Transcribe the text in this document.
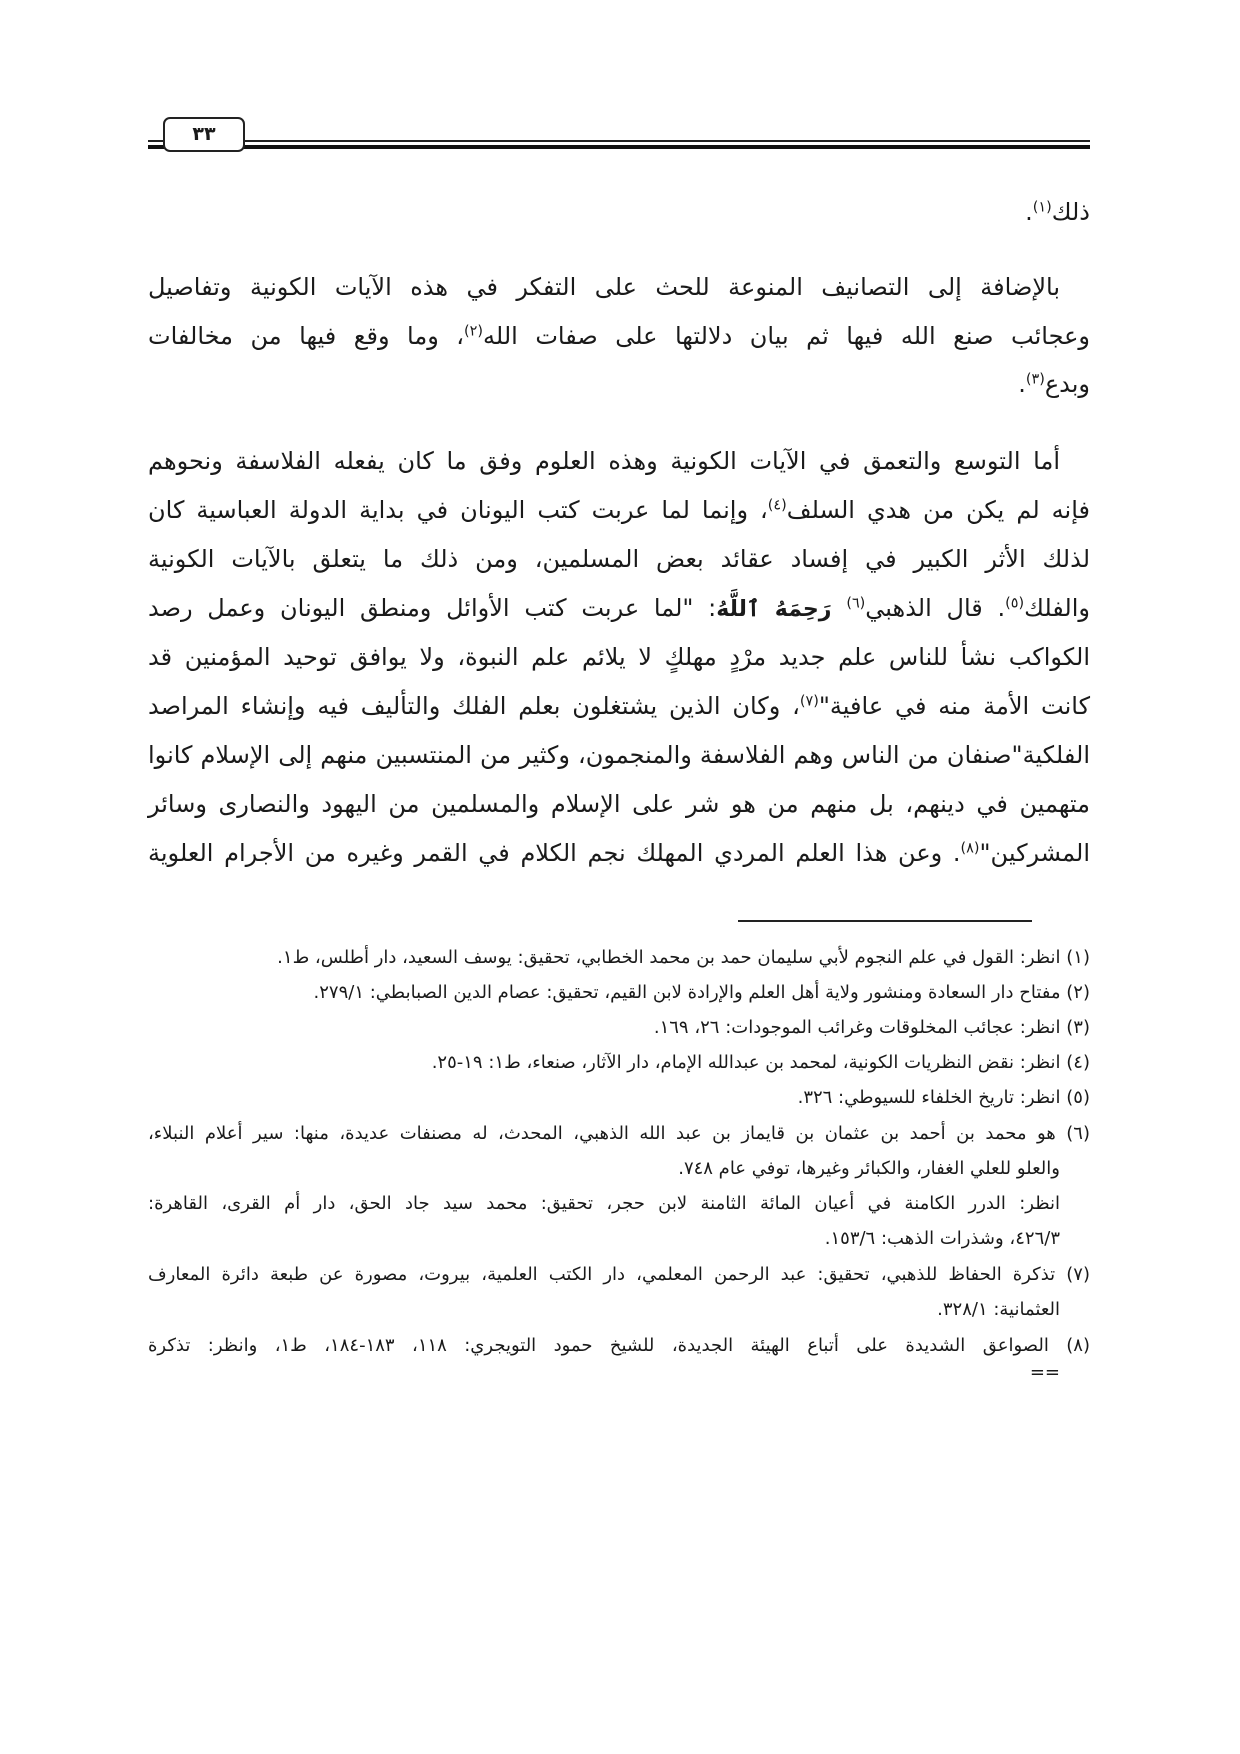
٣٣
ذلك$^{(١)}$.
بالإضافة إلى التصانيف المنوعة للحث على التفكر في هذه الآيات الكونية وتفاصيل
وعجائب صنع الله فيها ثم بيان دلالتها على صفات الله$^{(٢)}$، وما وقع فيها من مخالفات
وبدع$^{(٣)}$.
أما التوسع والتعمق في الآيات الكونية وهذه العلوم وفق ما كان يفعله الفلاسفة ونحوهم
فإنه لم يكن من هدي السلف$^{(٤)}$، وإنما لما عربت كتب اليونان في بداية الدولة العباسية كان
لذلك الأثر الكبير في إفساد عقائد بعض المسلمين، ومن ذلك ما يتعلق بالآيات الكونية
والفلك$^{(٥)}$. قال الذهبي$^{(٦)}$ رَحِمَهُ ٱللَّهُ: "لما عربت كتب الأوائل ومنطق اليونان وعمل رصد
الكواكب نشأ للناس علم جديد مرْدٍ مهلكٍ لا يلائم علم النبوة، ولا يوافق توحيد المؤمنين قد
كانت الأمة منه في عافية"$^{(٧)}$، وكان الذين يشتغلون بعلم الفلك والتأليف فيه وإنشاء المراصد
الفلكية"صنفان من الناس وهم الفلاسفة والمنجمون، وكثير من المنتسبين منهم إلى الإسلام كانوا
متهمين في دينهم، بل منهم من هو شر على الإسلام والمسلمين من اليهود والنصارى وسائر
المشركين"$^{(٨)}$. وعن هذا العلم المردي المهلك نجم الكلام في القمر وغيره من الأجرام العلوية
(١) انظر: القول في علم النجوم لأبي سليمان حمد بن محمد الخطابي، تحقيق: يوسف السعيد، دار أطلس، ط١.
(٢) مفتاح دار السعادة ومنشور ولاية أهل العلم والإرادة لابن القيم، تحقيق: عصام الدين الصبابطي: ٢٧٩/١.
(٣) انظر: عجائب المخلوقات وغرائب الموجودات: ٢٦، ١٦٩.
(٤) انظر: نقض النظريات الكونية، لمحمد بن عبدالله الإمام، دار الآثار، صنعاء، ط١: ١٩-٢٥.
(٥) انظر: تاريخ الخلفاء للسيوطي: ٣٢٦.
(٦) هو محمد بن أحمد بن عثمان بن قايماز بن عبد الله الذهبي، المحدث، له مصنفات عديدة، منها: سير أعلام النبلاء،
والعلو للعلي الغفار، والكبائر وغيرها، توفي عام ٧٤٨.
انظر: الدرر الكامنة في أعيان المائة الثامنة لابن حجر، تحقيق: محمد سيد جاد الحق، دار أم القرى، القاهرة:
٤٢٦/٣، وشذرات الذهب: ١٥٣/٦.
(٧) تذكرة الحفاظ للذهبي، تحقيق: عبد الرحمن المعلمي، دار الكتب العلمية، بيروت، مصورة عن طبعة دائرة المعارف
العثمانية: ٣٢٨/١.
(٨) الصواعق الشديدة على أتباع الهيئة الجديدة، للشيخ حمود التويجري: ١١٨، ١٨٣-١٨٤، ط١، وانظر: تذكرة
==
